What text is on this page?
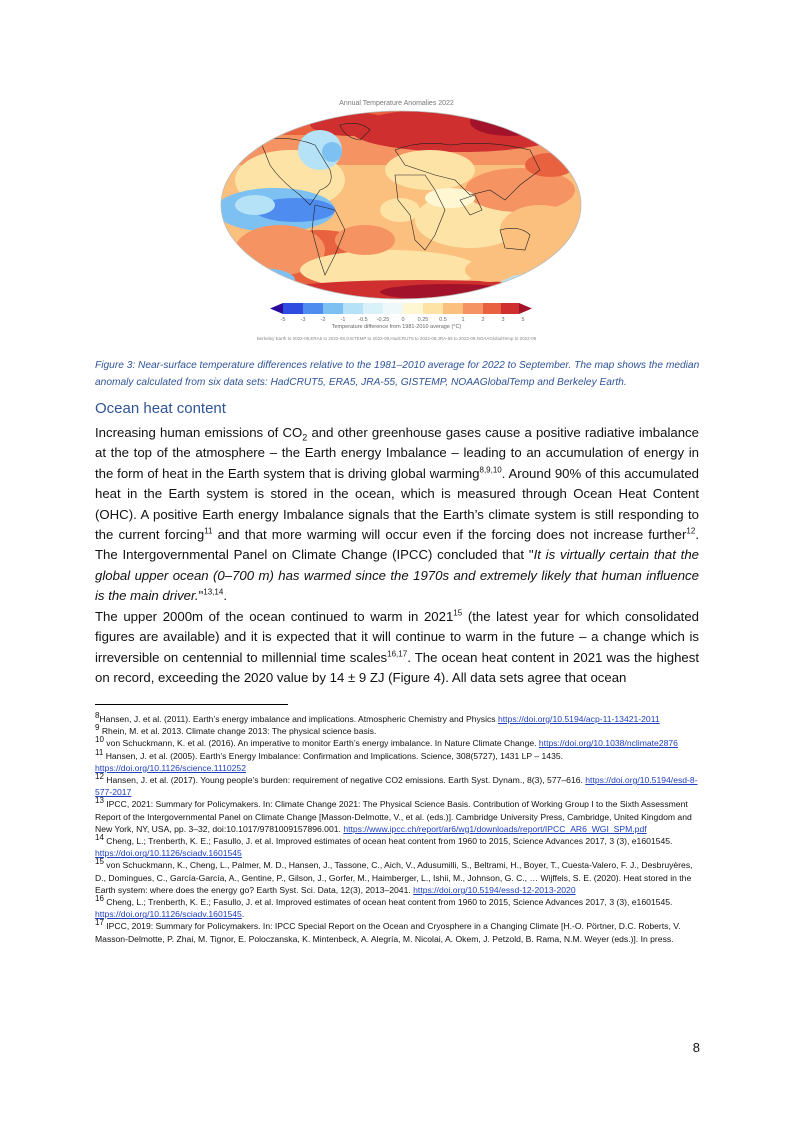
Annual Temperature Anomalies 2022
-5	-3	-2	-1 -0.5 -0.25 0 0.25 0.5	1	2	3	5
Temperature difference from 1981-2010 average (°C)
Berkeley Earth to 2022-08,ERA5 to 2022-09,GISTEMP to 2022-09,HadCRUT5 to 2022-08,JRA-55 to 2022-09,NOAAGlobalTemp to 2022-09
Figure 3: Near-surface temperature differences relative to the 1981–2010 average for 2022 to September. The map shows the median anomaly calculated from six data sets: HadCRUT5, ERA5, JRA-55, GISTEMP, NOAAGlobalTemp and Berkeley Earth.
Ocean heat content
Increasing human emissions of $CO_2$ and other greenhouse gases cause a positive radiative imbalance at the top of the atmosphere – the Earth energy Imbalance – leading to an accumulation of energy in the form of heat in the Earth system that is driving global warming$^{8,9,10}$. Around 90% of this accumulated heat in the Earth system is stored in the ocean, which is measured through Ocean Heat Content (OHC). A positive Earth energy Imbalance signals that the Earth’s climate system is still responding to the current forcing$^{11}$ and that more warming will occur even if the forcing does not increase further$^{12}$. The Intergovernmental Panel on Climate Change (IPCC) concluded that "It is virtually certain that the global upper ocean (0–700 m) has warmed since the 1970s and extremely likely that human influence is the main driver."$^{13,14}$.
The upper 2000m of the ocean continued to warm in 2021$^{15}$ (the latest year for which consolidated figures are available) and it is expected that it will continue to warm in the future – a change which is irreversible on centennial to millennial time scales$^{16,17}$. The ocean heat content in 2021 was the highest on record, exceeding the 2020 value by 14 ± 9 ZJ (Figure 4). All data sets agree that ocean

$^8$Hansen, J. et al. (2011). Earth’s energy imbalance and implications. Atmospheric Chemistry and Physics https://doi.org/10.5194/acp-11-13421-2011

$^9$ Rhein, M. et al. 2013. Climate change 2013: The physical science basis.

$^{10}$ von Schuckmann, K. et al. (2016). An imperative to monitor Earth’s energy imbalance. In Nature Climate Change. https://doi.org/10.1038/nclimate2876

$^{11}$ Hansen, J. et al. (2005). Earth’s Energy Imbalance: Confirmation and Implications. Science, 308(5727), 1431 LP – 1435. https://doi.org/10.1126/science.1110252

$^{12}$ Hansen, J. et al. (2017). Young people’s burden: requirement of negative CO2 emissions. Earth Syst. Dynam., 8(3), 577–616. https://doi.org/10.5194/esd-8-577-2017

$^{13}$ IPCC, 2021: Summary for Policymakers. In: Climate Change 2021: The Physical Science Basis. Contribution of Working Group I to the Sixth Assessment Report of the Intergovernmental Panel on Climate Change [Masson-Delmotte, V., et al. (eds.)]. Cambridge University Press, Cambridge, United Kingdom and New York, NY, USA, pp. 3–32, doi:10.1017/9781009157896.001. https://www.ipcc.ch/report/ar6/wg1/downloads/report/IPCC_AR6_WGI_SPM.pdf

$^{14}$ Cheng, L.; Trenberth, K. E.; Fasullo, J. et al. Improved estimates of ocean heat content from 1960 to 2015, Science Advances 2017, 3 (3), e1601545. https://doi.org/10.1126/sciadv.1601545

$^{15}$ von Schuckmann, K., Cheng, L., Palmer, M. D., Hansen, J., Tassone, C., Aich, V., Adusumilli, S., Beltrami, H., Boyer, T., Cuesta-Valero, F. J., Desbruyères, D., Domingues, C., García-García, A., Gentine, P., Gilson, J., Gorfer, M., Haimberger, L., Ishii, M., Johnson, G. C., … Wijffels, S. E. (2020). Heat stored in the Earth system: where does the energy go? Earth Syst. Sci. Data, 12(3), 2013–2041. https://doi.org/10.5194/essd-12-2013-2020

$^{16}$ Cheng, L.; Trenberth, K. E.; Fasullo, J. et al. Improved estimates of ocean heat content from 1960 to 2015, Science Advances 2017, 3 (3), e1601545. https://doi.org/10.1126/sciadv.1601545.

$^{17}$ IPCC, 2019: Summary for Policymakers. In: IPCC Special Report on the Ocean and Cryosphere in a Changing Climate [H.-O. Pörtner, D.C. Roberts, V. Masson-Delmotte, P. Zhai, M. Tignor, E. Poloczanska, K. Mintenbeck, A. Alegría, M. Nicolai, A. Okem, J. Petzold, B. Rama, N.M. Weyer (eds.)]. In press.

8
